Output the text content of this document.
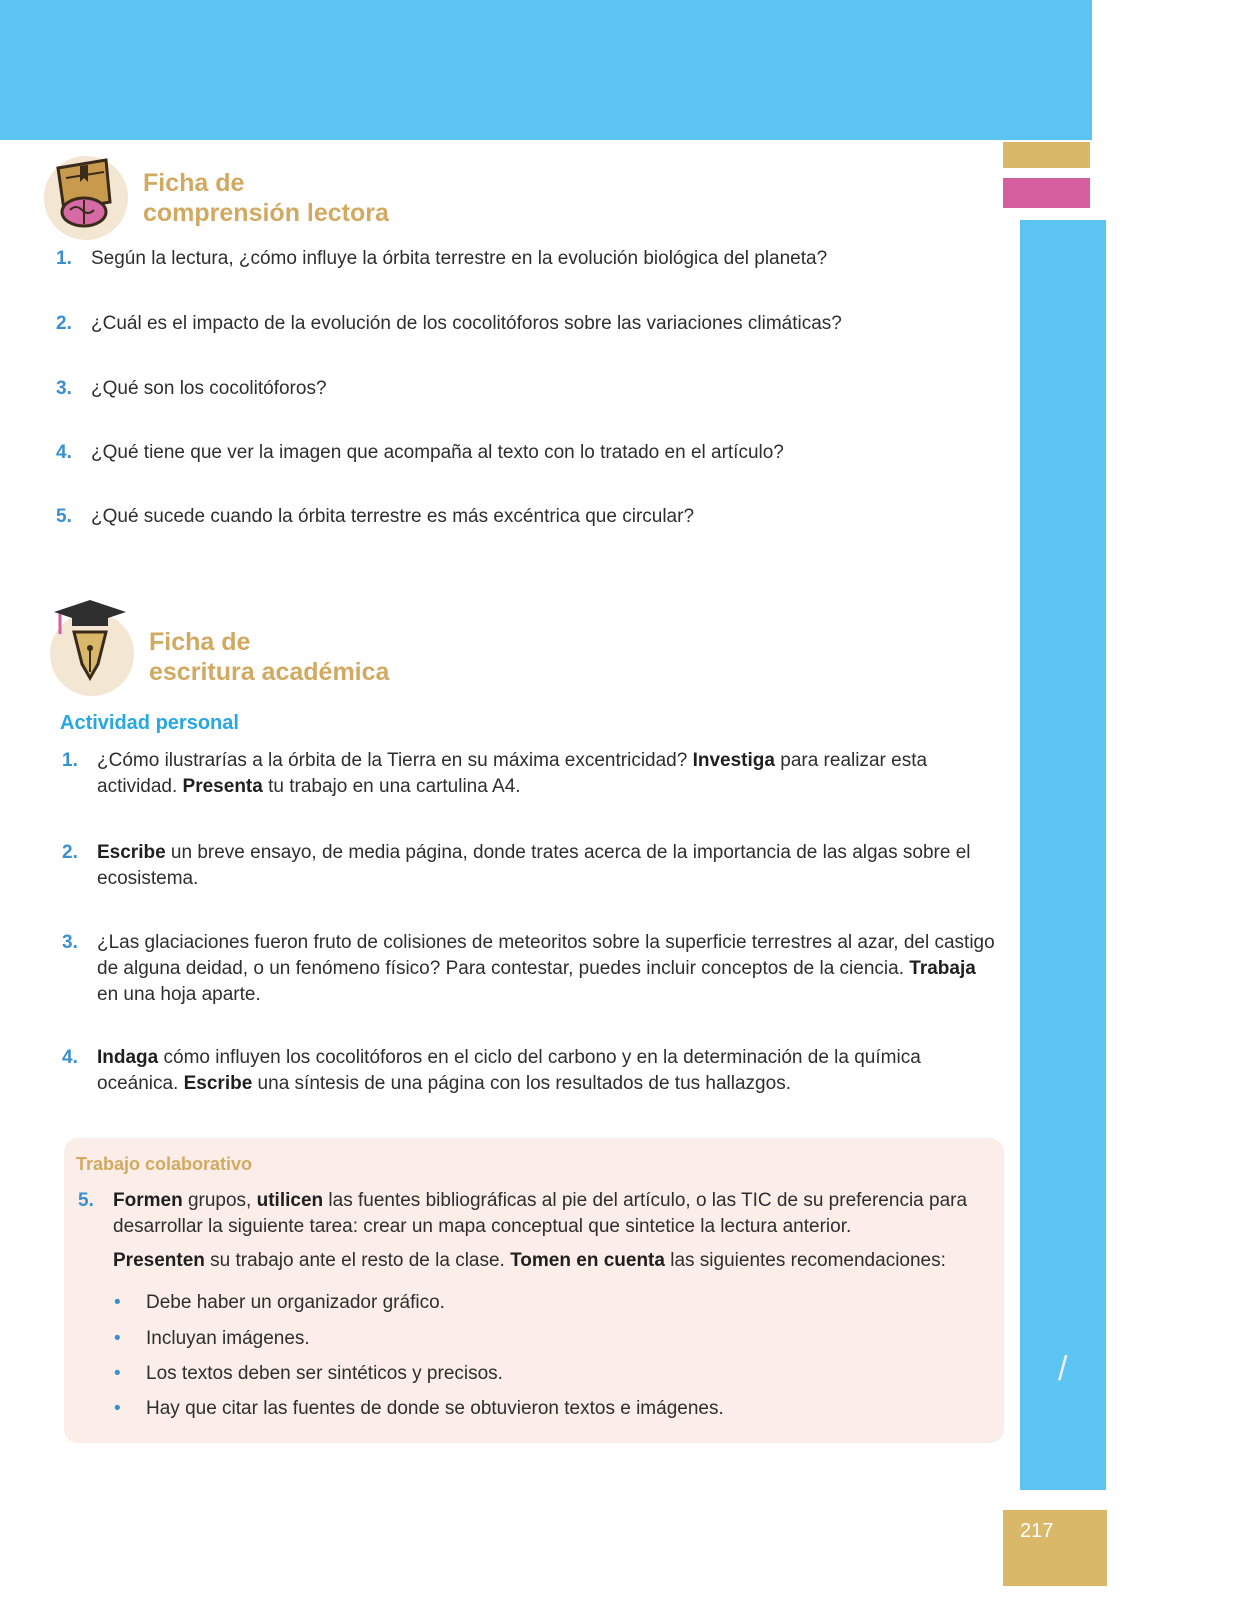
/
217
Ficha de
comprensión lectora
1.	Según la lectura, ¿cómo influye la órbita terrestre en la evolución biológica del planeta?
2.	¿Cuál es el impacto de la evolución de los cocolitóforos sobre las variaciones climáticas?
3.	¿Qué son los cocolitóforos?
4.	¿Qué tiene que ver la imagen que acompaña al texto con lo tratado en el artículo?
5.	¿Qué sucede cuando la órbita terrestre es más excéntrica que circular?
Ficha de
escritura académica
Actividad personal
1.	¿Cómo ilustrarías a la órbita de la Tierra en su máxima excentricidad? Investiga para realizar esta actividad. Presenta tu trabajo en una cartulina A4.
2.	Escribe un breve ensayo, de media página, donde trates acerca de la importancia de las algas sobre el ecosistema.
3.	¿Las glaciaciones fueron fruto de colisiones de meteoritos sobre la superficie terrestres al azar, del castigo de alguna deidad, o un fenómeno físico? Para contestar, puedes incluir conceptos de la ciencia. Trabaja en una hoja aparte.
4.	Indaga cómo influyen los cocolitóforos en el ciclo del carbono y en la determinación de la química oceánica. Escribe una síntesis de una página con los resultados de tus hallazgos.
Trabajo colaborativo
5.	Formen grupos, utilicen las fuentes bibliográficas al pie del artículo, o las TIC de su preferencia para desarrollar la siguiente tarea: crear un mapa conceptual que sintetice la lectura anterior.
Presenten su trabajo ante el resto de la clase. Tomen en cuenta las siguientes recomendaciones:
•	Debe haber un organizador gráfico.
•	Incluyan imágenes.
•	Los textos deben ser sintéticos y precisos.
•	Hay que citar las fuentes de donde se obtuvieron textos e imágenes.
